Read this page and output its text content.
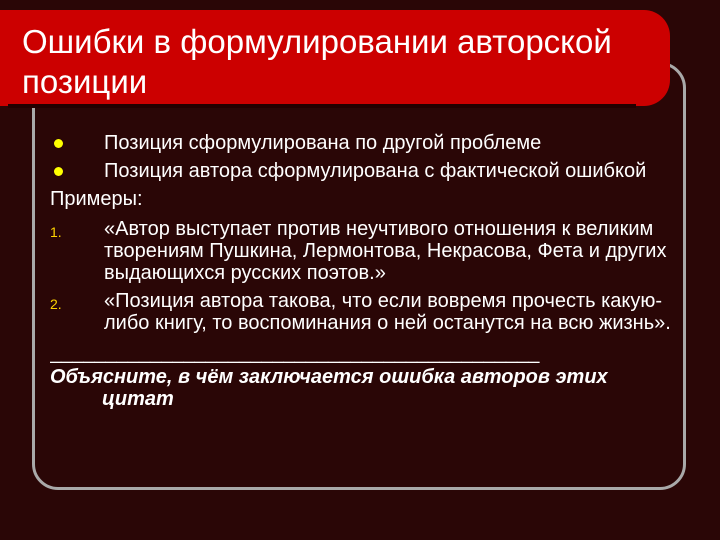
Ошибки в формулировании авторской позиции
Позиция сформулирована по другой проблеме
Позиция автора сформулирована с фактической ошибкой
Примеры:
1. «Автор выступает против неучтивого отношения к великим творениям Пушкина, Лермонтова, Некрасова, Фета и других выдающихся русских поэтов.»
2. «Позиция автора такова, что если вовремя прочесть какую-либо книгу, то воспоминания о ней останутся на всю жизнь».
____________________________________________
Объясните, в чём заключается ошибка авторов этих цитат
